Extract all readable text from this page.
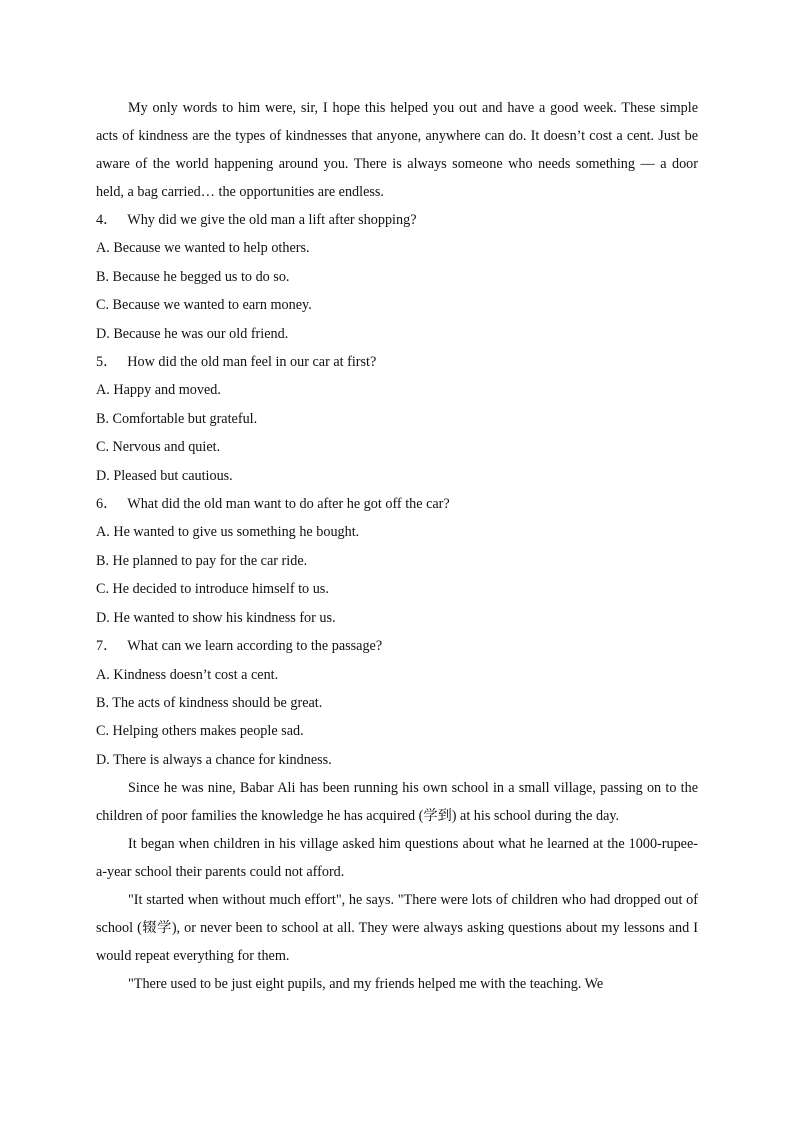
My only words to him were, sir, I hope this helped you out and have a good week. These simple acts of kindness are the types of kindnesses that anyone, anywhere can do. It doesn’t cost a cent. Just be aware of the world happening around you. There is always someone who needs something — a door held, a bag carried… the opportunities are endless.

4． Why did we give the old man a lift after shopping?

A. Because we wanted to help others.

B. Because he begged us to do so.

C. Because we wanted to earn money.

D. Because he was our old friend.

5． How did the old man feel in our car at first?

A. Happy and moved.

B. Comfortable but grateful.

C. Nervous and quiet.

D. Pleased but cautious.

6． What did the old man want to do after he got off the car?

A. He wanted to give us something he bought.

B. He planned to pay for the car ride.

C. He decided to introduce himself to us.

D. He wanted to show his kindness for us.

7． What can we learn according to the passage?

A. Kindness doesn’t cost a cent.

B. The acts of kindness should be great.

C. Helping others makes people sad.

D. There is always a chance for kindness.

Since he was nine, Babar Ali has been running his own school in a small village, passing on to the children of poor families the knowledge he has acquired (学到) at his school during the day.

It began when children in his village asked him questions about what he learned at the 1000-rupee-a-year school their parents could not afford.

"It started when without much effort", he says. "There were lots of children who had dropped out of school (辍学), or never been to school at all. They were always asking questions about my lessons and I would repeat everything for them.

"There used to be just eight pupils, and my friends helped me with the teaching. We
